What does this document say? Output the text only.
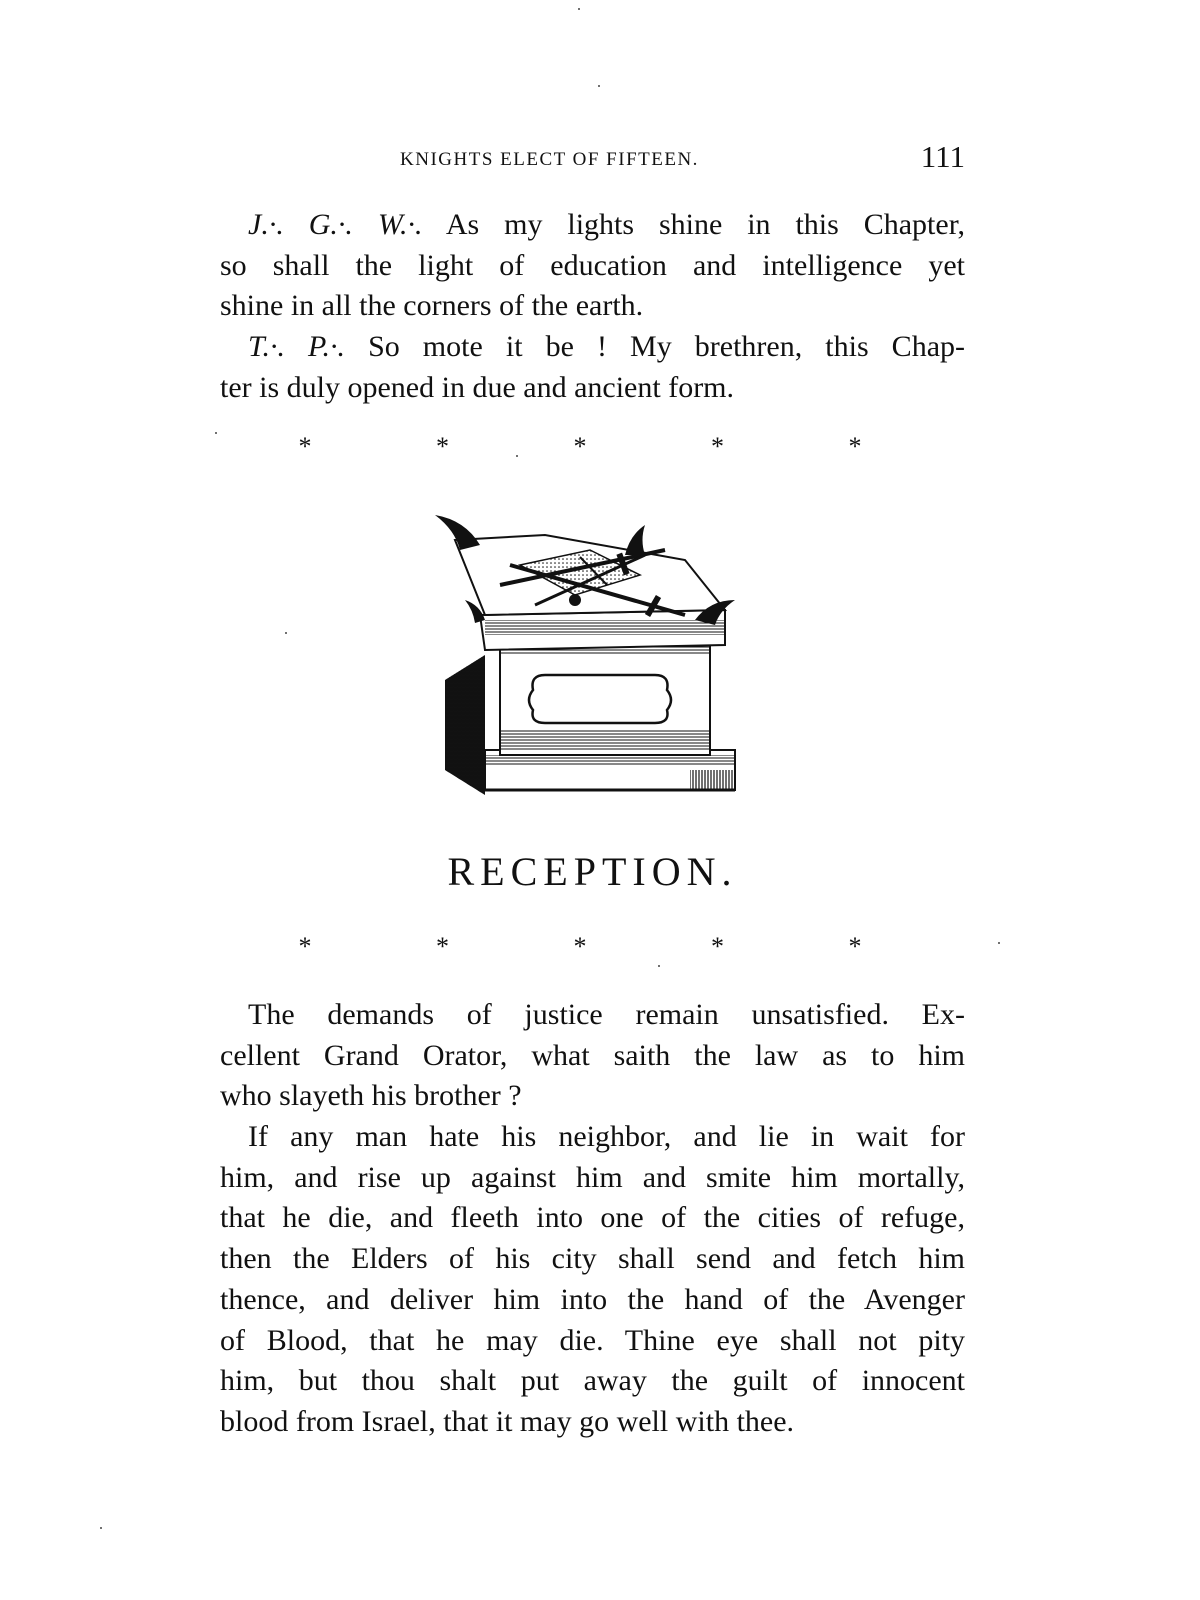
KNIGHTS ELECT OF FIFTEEN.	111
J.·. G.·. W.·. As my lights shine in this Chapter,
so shall the light of education and intelligence yet
shine in all the corners of the earth.
T.·. P.·. So mote it be ! My brethren, this Chap-
ter is duly opened in due and ancient form.
*	*	*	*	*
RECEPTION.
*	*	*	*	*
The demands of justice remain unsatisfied. Ex-
cellent Grand Orator, what saith the law as to him
who slayeth his brother ?
If any man hate his neighbor, and lie in wait for
him, and rise up against him and smite him mortally,
that he die, and fleeth into one of the cities of refuge,
then the Elders of his city shall send and fetch him
thence, and deliver him into the hand of the Avenger
of Blood, that he may die. Thine eye shall not pity
him, but thou shalt put away the guilt of innocent
blood from Israel, that it may go well with thee.
